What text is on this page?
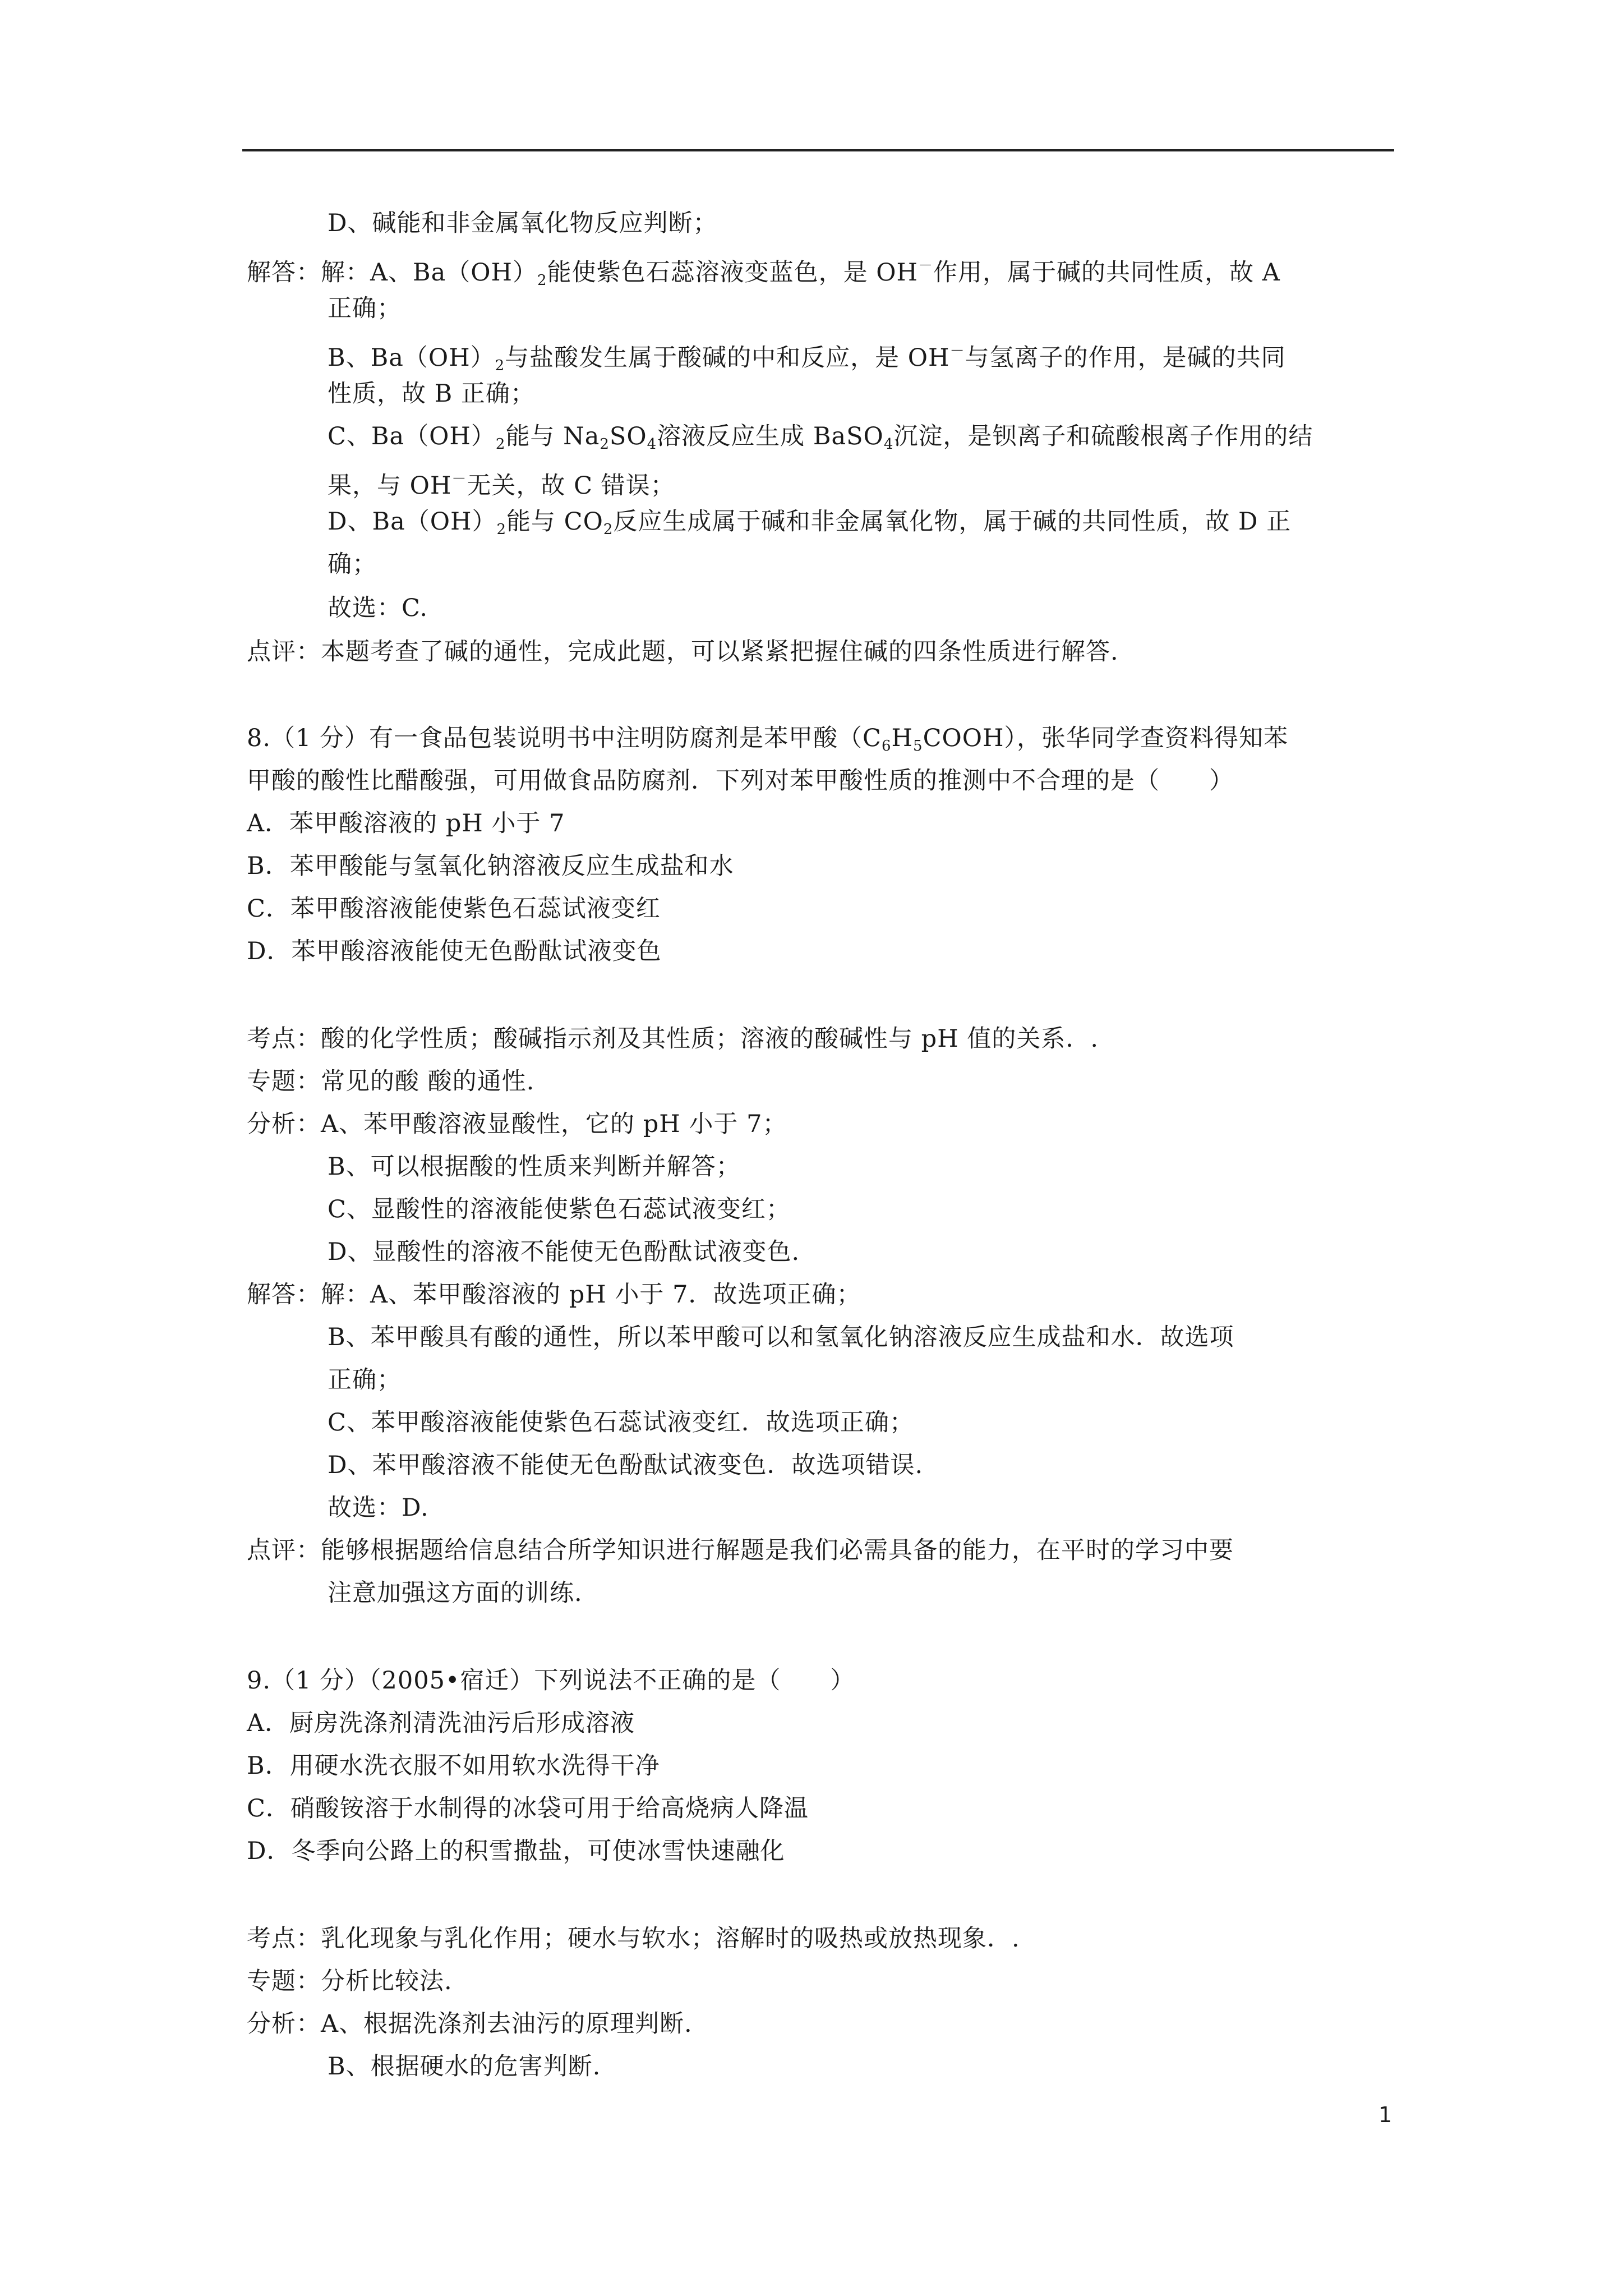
D、碱能和非金属氧化物反应判断；
解答：解：A、$Ba(OH)_2$能使紫色石蕊溶液变蓝色，是 OH－作用，属于碱的共同性质，故 A
正确；
B、$Ba(OH)_2$与盐酸发生属于酸碱的中和反应，是 OH－与氢离子的作用，是碱的共同
性质，故 B 正确；
C、$Ba(OH)_2$能与 $Na_2SO_4$溶液反应生成 BaSO$_4$沉淀，是钡离子和硫酸根离子作用的结
果，与 OH－无关，故 C 错误；
D、$Ba(OH)_2$能与 $CO_2$反应生成属于碱和非金属氧化物，属于碱的共同性质，故 D 正
确；
故选：C.
点评：本题考查了碱的通性，完成此题，可以紧紧把握住碱的四条性质进行解答.
8.（1 分）有一食品包装说明书中注明防腐剂是苯甲酸$(C_6H_5COOH)$，张华同学查资料得知苯
甲酸的酸性比醋酸强，可用做食品防腐剂．下列对苯甲酸性质的推测中不合理的是（　　）
A．苯甲酸溶液的 pH 小于 7
B．苯甲酸能与氢氧化钠溶液反应生成盐和水
C．苯甲酸溶液能使紫色石蕊试液变红
D．苯甲酸溶液能使无色酚酞试液变色
考点：酸的化学性质；酸碱指示剂及其性质；溶液的酸碱性与 pH 值的关系．.
专题：常见的酸 酸的通性.
分析：A、苯甲酸溶液显酸性，它的 pH 小于 7；
B、可以根据酸的性质来判断并解答；
C、显酸性的溶液能使紫色石蕊试液变红；
D、显酸性的溶液不能使无色酚酞试液变色.
解答：解：A、苯甲酸溶液的 pH 小于 7．故选项正确；
B、苯甲酸具有酸的通性，所以苯甲酸可以和氢氧化钠溶液反应生成盐和水．故选项
正确；
C、苯甲酸溶液能使紫色石蕊试液变红．故选项正确；
D、苯甲酸溶液不能使无色酚酞试液变色．故选项错误.
故选：D.
点评：能够根据题给信息结合所学知识进行解题是我们必需具备的能力，在平时的学习中要
注意加强这方面的训练.
9.（1 分）（2005•宿迁）下列说法不正确的是（　　）
A．厨房洗涤剂清洗油污后形成溶液
B．用硬水洗衣服不如用软水洗得干净
C．硝酸铵溶于水制得的冰袋可用于给高烧病人降温
D．冬季向公路上的积雪撒盐，可使冰雪快速融化
考点：乳化现象与乳化作用；硬水与软水；溶解时的吸热或放热现象．.
专题：分析比较法.
分析：A、根据洗涤剂去油污的原理判断.
B、根据硬水的危害判断.
1
